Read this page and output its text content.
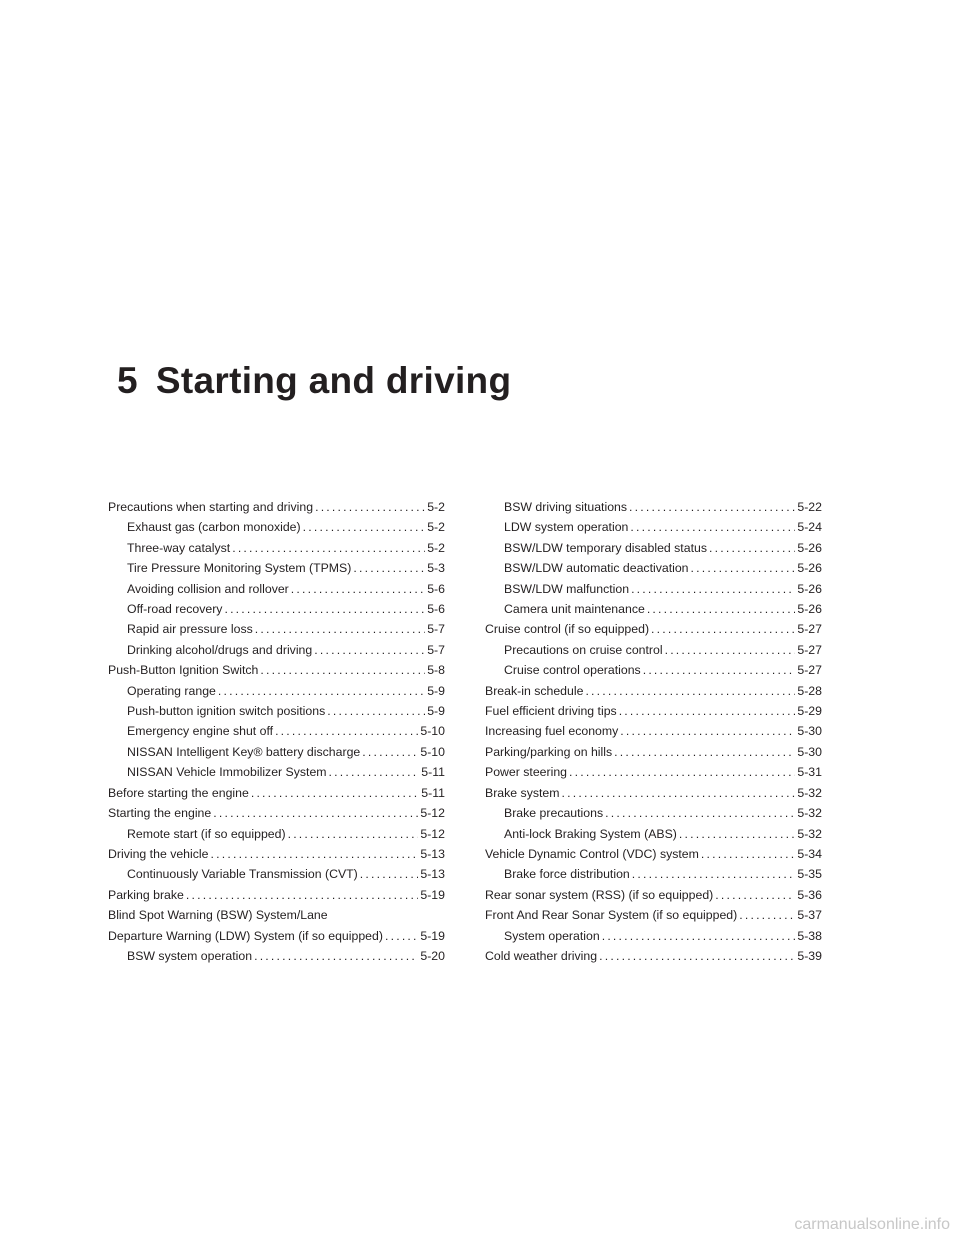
5 Starting and driving
Precautions when starting and driving .....	5-2
Exhaust gas (carbon monoxide) .....	5-2
Three-way catalyst .....	5-2
Tire Pressure Monitoring System (TPMS) .....	5-3
Avoiding collision and rollover .....	5-6
Off-road recovery .....	5-6
Rapid air pressure loss .....	5-7
Drinking alcohol/drugs and driving .....	5-7
Push-Button Ignition Switch .....	5-8
Operating range .....	5-9
Push-button ignition switch positions .....	5-9
Emergency engine shut off .....	5-10
NISSAN Intelligent Key® battery discharge .....	5-10
NISSAN Vehicle Immobilizer System .....	5-11
Before starting the engine .....	5-11
Starting the engine .....	5-12
Remote start (if so equipped) .....	5-12
Driving the vehicle .....	5-13
Continuously Variable Transmission (CVT) .....	5-13
Parking brake .....	5-19
Blind Spot Warning (BSW) System/Lane
Departure Warning (LDW) System (if so equipped) .....	5-19
BSW system operation .....	5-20
BSW driving situations .....	5-22
LDW system operation .....	5-24
BSW/LDW temporary disabled status .....	5-26
BSW/LDW automatic deactivation .....	5-26
BSW/LDW malfunction .....	5-26
Camera unit maintenance .....	5-26
Cruise control (if so equipped) .....	5-27
Precautions on cruise control .....	5-27
Cruise control operations .....	5-27
Break-in schedule .....	5-28
Fuel efficient driving tips .....	5-29
Increasing fuel economy .....	5-30
Parking/parking on hills .....	5-30
Power steering .....	5-31
Brake system .....	5-32
Brake precautions .....	5-32
Anti-lock Braking System (ABS) .....	5-32
Vehicle Dynamic Control (VDC) system .....	5-34
Brake force distribution .....	5-35
Rear sonar system (RSS) (if so equipped) .....	5-36
Front And Rear Sonar System (if so equipped) .....	5-37
System operation .....	5-38
Cold weather driving .....	5-39
carmanualsonline.info
